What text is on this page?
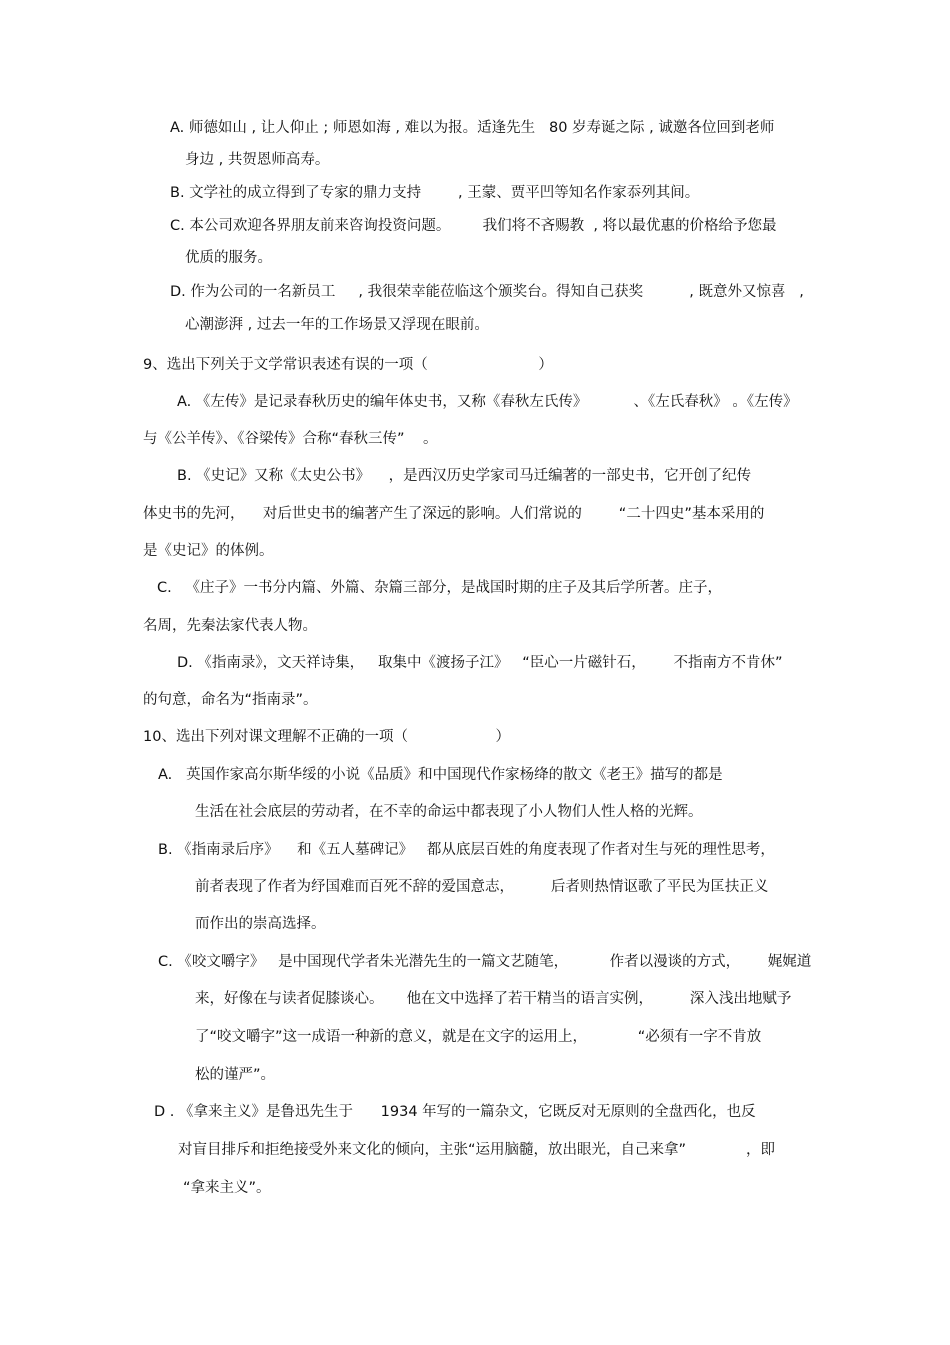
A. 师德如山 , 让人仰止 ; 师恩如海 , 难以为报。适逢先生   80 岁寿诞之际 , 诚邀各位回到老师
身边 , 共贺恩师高寿。
B. 文学社的成立得到了专家的鼎力支持        , 王蒙、贾平凹等知名作家忝列其间。
C. 本公司欢迎各界朋友前来咨询投资问题。       我们将不吝赐教  , 将以最优惠的价格给予您最
优质的服务。
D. 作为公司的一名新员工     , 我很荣幸能莅临这个颁奖台。得知自己获奖          , 既意外又惊喜   ,
心潮澎湃 , 过去一年的工作场景又浮现在眼前。
9、选出下列关于文学常识表述有误的一项（                        ）
A. 《左传》是记录春秋历史的编年体史书，又称《春秋左氏传》          、《左氏春秋》 。《左传》
与《公羊传》、《谷梁传》合称“春秋三传”    。
B. 《史记》又称《太史公书》    ，是西汉历史学家司马迁编著的一部史书，它开创了纪传
体史书的先河，    对后世史书的编著产生了深远的影响。人们常说的        “二十四史”基本采用的
是《史记》的体例。
C.   《庄子》一书分内篇、外篇、杂篇三部分，是战国时期的庄子及其后学所著。庄子，
名周，先秦法家代表人物。
D. 《指南录》，文天祥诗集，   取集中《渡扬子江》   “臣心一片磁针石，      不指南方不肯休”
的句意，命名为“指南录”。
10、选出下列对课文理解不正确的一项（                   ）
A.   英国作家高尔斯华绥的小说《品质》和中国现代作家杨绛的散文《老王》描写的都是
生活在社会底层的劳动者，在不幸的命运中都表现了小人物们人性人格的光辉。
B. 《指南录后序》    和《五人墓碑记》   都从底层百姓的角度表现了作者对生与死的理性思考，
前者表现了作者为纾国难而百死不辞的爱国意志，        后者则热情讴歌了平民为匡扶正义
而作出的崇高选择。
C. 《咬文嚼字》   是中国现代学者朱光潜先生的一篇文艺随笔，         作者以漫谈的方式，      娓娓道
来，好像在与读者促膝谈心。     他在文中选择了若干精当的语言实例，        深入浅出地赋予
了“咬文嚼字”这一成语一种新的意义，就是在文字的运用上，           “必须有一字不肯放
松的谨严”。
D . 《拿来主义》是鲁迅先生于      1934 年写的一篇杂文，它既反对无原则的全盘西化，也反
对盲目排斥和拒绝接受外来文化的倾向，主张“运用脑髓，放出眼光，自己来拿”             ，即
“拿来主义”。
